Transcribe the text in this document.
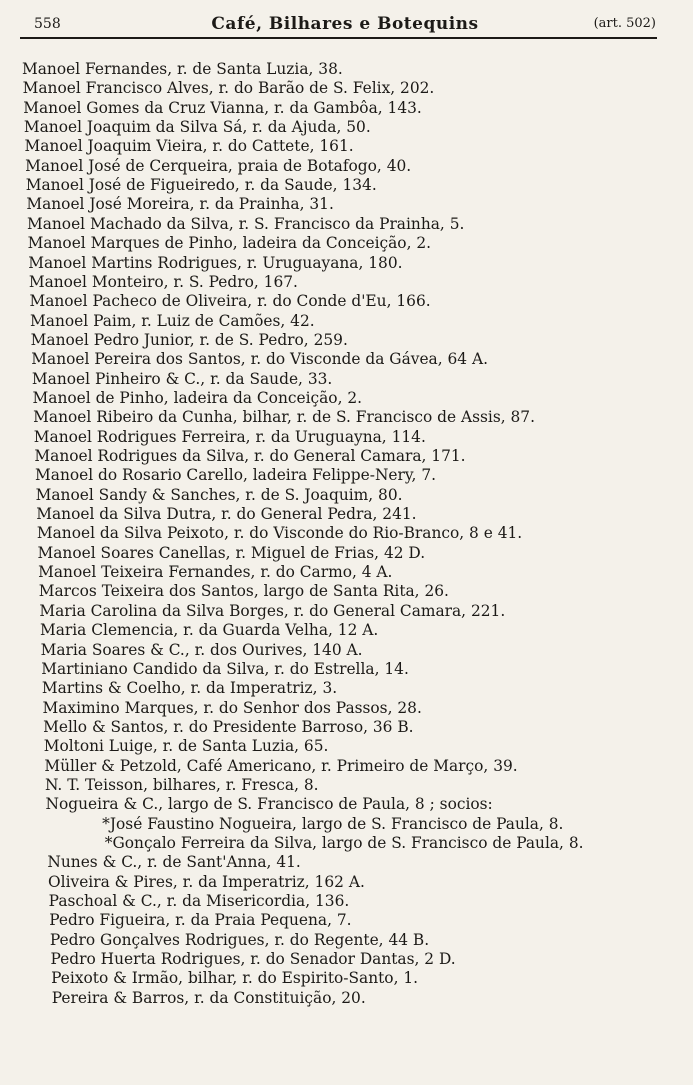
558	Café, Bilhares e Botequins	(art. 502)
Manoel Fernandes, r. de Santa Luzia, 38.
Manoel Francisco Alves, r. do Barão de S. Felix, 202.
Manoel Gomes da Cruz Vianna, r. da Gambôa, 143.
Manoel Joaquim da Silva Sá, r. da Ajuda, 50.
Manoel Joaquim Vieira, r. do Cattete, 161.
Manoel José de Cerqueira, praia de Botafogo, 40.
Manoel José de Figueiredo, r. da Saude, 134.
Manoel José Moreira, r. da Prainha, 31.
Manoel Machado da Silva, r. S. Francisco da Prainha, 5.
Manoel Marques de Pinho, ladeira da Conceição, 2.
Manoel Martins Rodrigues, r. Uruguayana, 180.
Manoel Monteiro, r. S. Pedro, 167.
Manoel Pacheco de Oliveira, r. do Conde d'Eu, 166.
Manoel Paim, r. Luiz de Camões, 42.
Manoel Pedro Junior, r. de S. Pedro, 259.
Manoel Pereira dos Santos, r. do Visconde da Gávea, 64 A.
Manoel Pinheiro & C., r. da Saude, 33.
Manoel de Pinho, ladeira da Conceição, 2.
Manoel Ribeiro da Cunha, bilhar, r. de S. Francisco de Assis, 87.
Manoel Rodrigues Ferreira, r. da Uruguayna, 114.
Manoel Rodrigues da Silva, r. do General Camara, 171.
Manoel do Rosario Carello, ladeira Felippe-Nery, 7.
Manoel Sandy & Sanches, r. de S. Joaquim, 80.
Manoel da Silva Dutra, r. do General Pedra, 241.
Manoel da Silva Peixoto, r. do Visconde do Rio-Branco, 8 e 41.
Manoel Soares Canellas, r. Miguel de Frias, 42 D.
Manoel Teixeira Fernandes, r. do Carmo, 4 A.
Marcos Teixeira dos Santos, largo de Santa Rita, 26.
Maria Carolina da Silva Borges, r. do General Camara, 221.
Maria Clemencia, r. da Guarda Velha, 12 A.
Maria Soares & C., r. dos Ourives, 140 A.
Martiniano Candido da Silva, r. do Estrella, 14.
Martins & Coelho, r. da Imperatriz, 3.
Maximino Marques, r. do Senhor dos Passos, 28.
Mello & Santos, r. do Presidente Barroso, 36 B.
Moltoni Luige, r. de Santa Luzia, 65.
Müller & Petzold, Café Americano, r. Primeiro de Março, 39.
N. T. Teisson, bilhares, r. Fresca, 8.
Nogueira & C., largo de S. Francisco de Paula, 8 ; socios:
*José Faustino Nogueira, largo de S. Francisco de Paula, 8.
*Gonçalo Ferreira da Silva, largo de S. Francisco de Paula, 8.
Nunes & C., r. de Sant'Anna, 41.
Oliveira & Pires, r. da Imperatriz, 162 A.
Paschoal & C., r. da Misericordia, 136.
Pedro Figueira, r. da Praia Pequena, 7.
Pedro Gonçalves Rodrigues, r. do Regente, 44 B.
Pedro Huerta Rodrigues, r. do Senador Dantas, 2 D.
Peixoto & Irmão, bilhar, r. do Espirito-Santo, 1.
Pereira & Barros, r. da Constituição, 20.
